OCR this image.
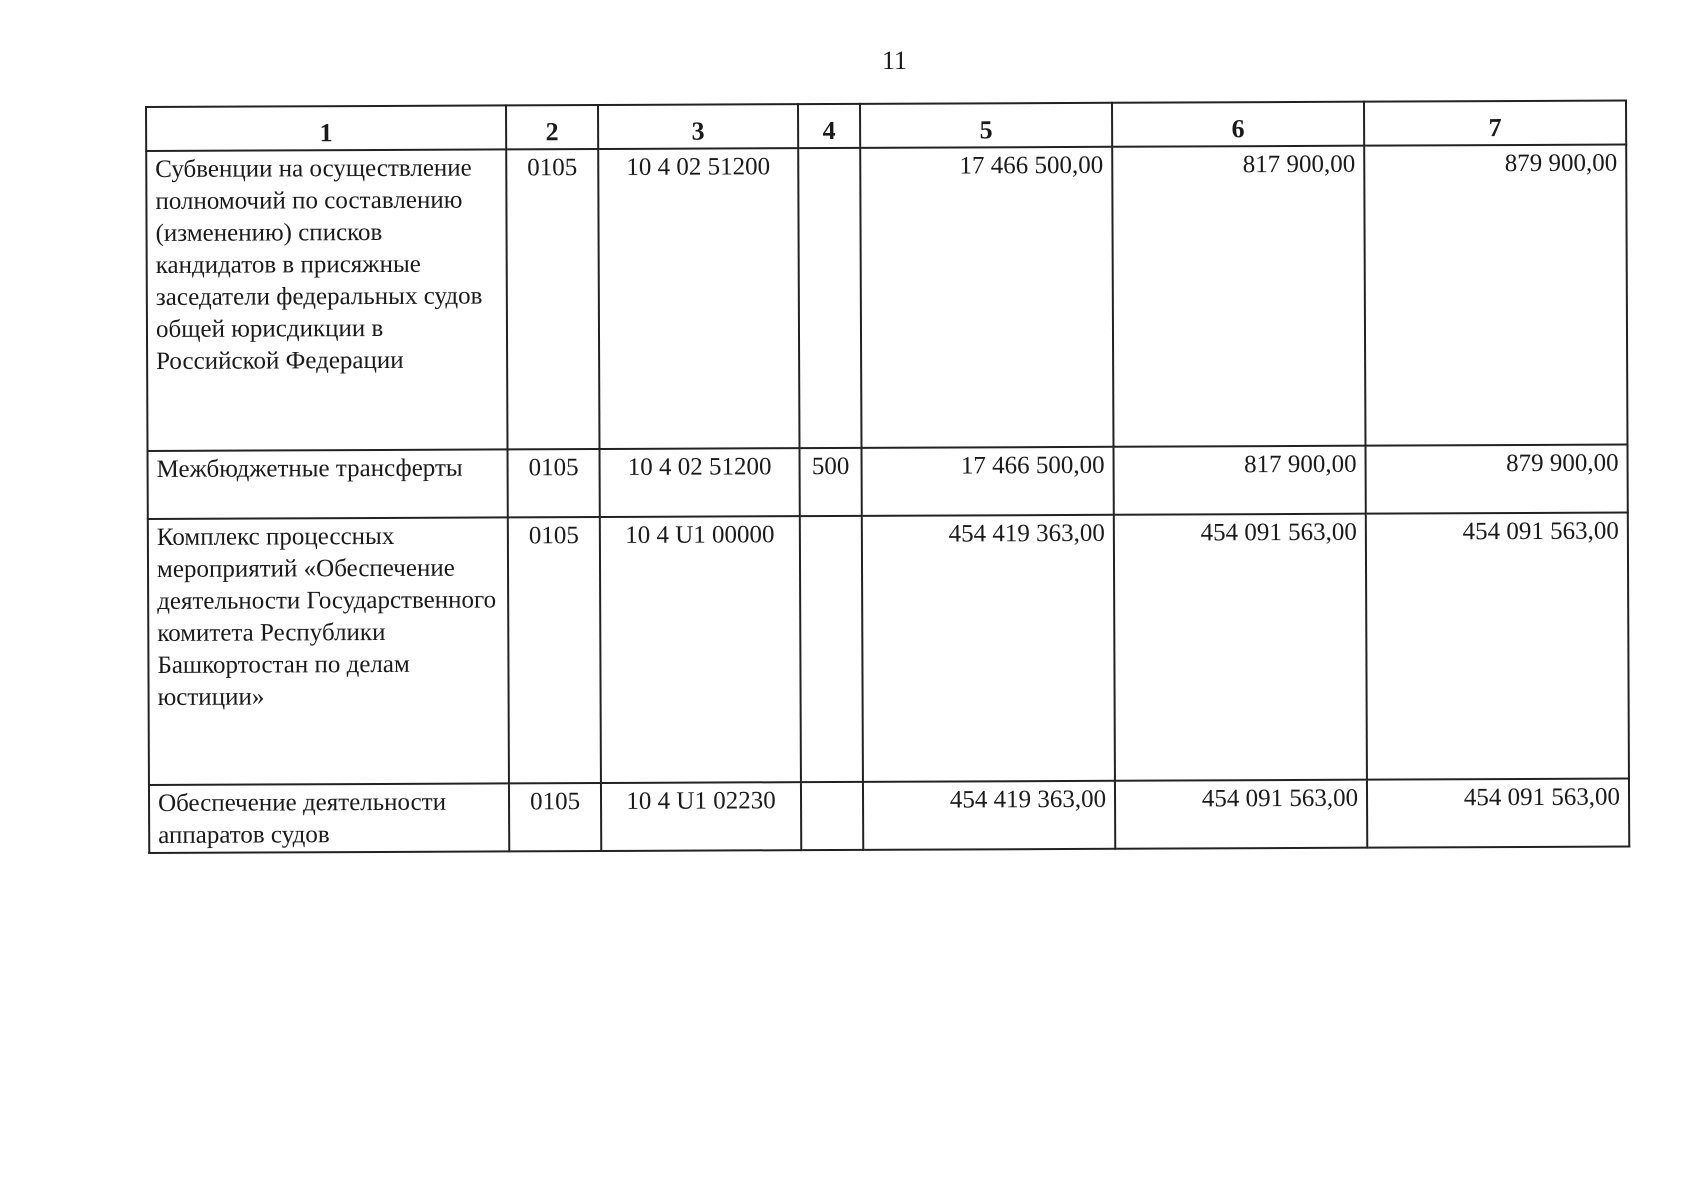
11
1	2	3	4	5	6	7
Субвенции на осуществление полномочий по составлению (изменению) списков кандидатов в присяжные заседатели федеральных судов общей юрисдикции в Российской Федерации	0105	10 4 02 51200		17 466 500,00	817 900,00	879 900,00
Межбюджетные трансферты	0105	10 4 02 51200	500	17 466 500,00	817 900,00	879 900,00
Комплекс процессных мероприятий «Обеспечение деятельности Государственного комитета Республики Башкортостан по делам юстиции»	0105	10 4 U1 00000		454 419 363,00	454 091 563,00	454 091 563,00
Обеспечение деятельности аппаратов судов	0105	10 4 U1 02230		454 419 363,00	454 091 563,00	454 091 563,00
